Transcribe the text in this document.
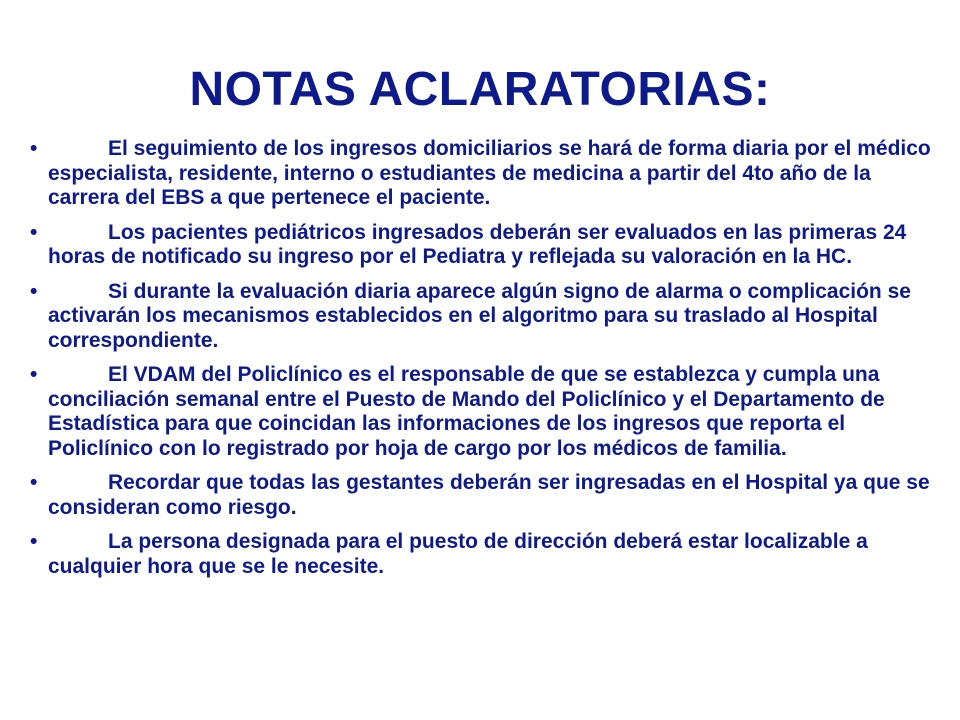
NOTAS ACLARATORIAS:
•	El seguimiento de los ingresos domiciliarios se hará de forma diaria por el médico especialista, residente, interno o estudiantes de medicina a partir del 4to año de la carrera del EBS a que pertenece el paciente.
•	Los pacientes pediátricos ingresados deberán ser evaluados en las primeras 24 horas de notificado su ingreso por el Pediatra y reflejada su valoración en la HC.
•	Si durante la evaluación diaria aparece algún signo de alarma o complicación se activarán los mecanismos establecidos en el algoritmo para su traslado al Hospital correspondiente.
•	El VDAM del Policlínico es el responsable de que se establezca y cumpla una conciliación semanal entre el Puesto de Mando del Policlínico y el Departamento de Estadística para que coincidan las informaciones de los ingresos que reporta el Policlínico con lo registrado por hoja de cargo por los médicos de familia.
•	Recordar que todas las gestantes deberán ser ingresadas en el Hospital ya que se consideran como riesgo.
•	La persona designada para el puesto de dirección deberá estar localizable a cualquier hora que se le necesite.
